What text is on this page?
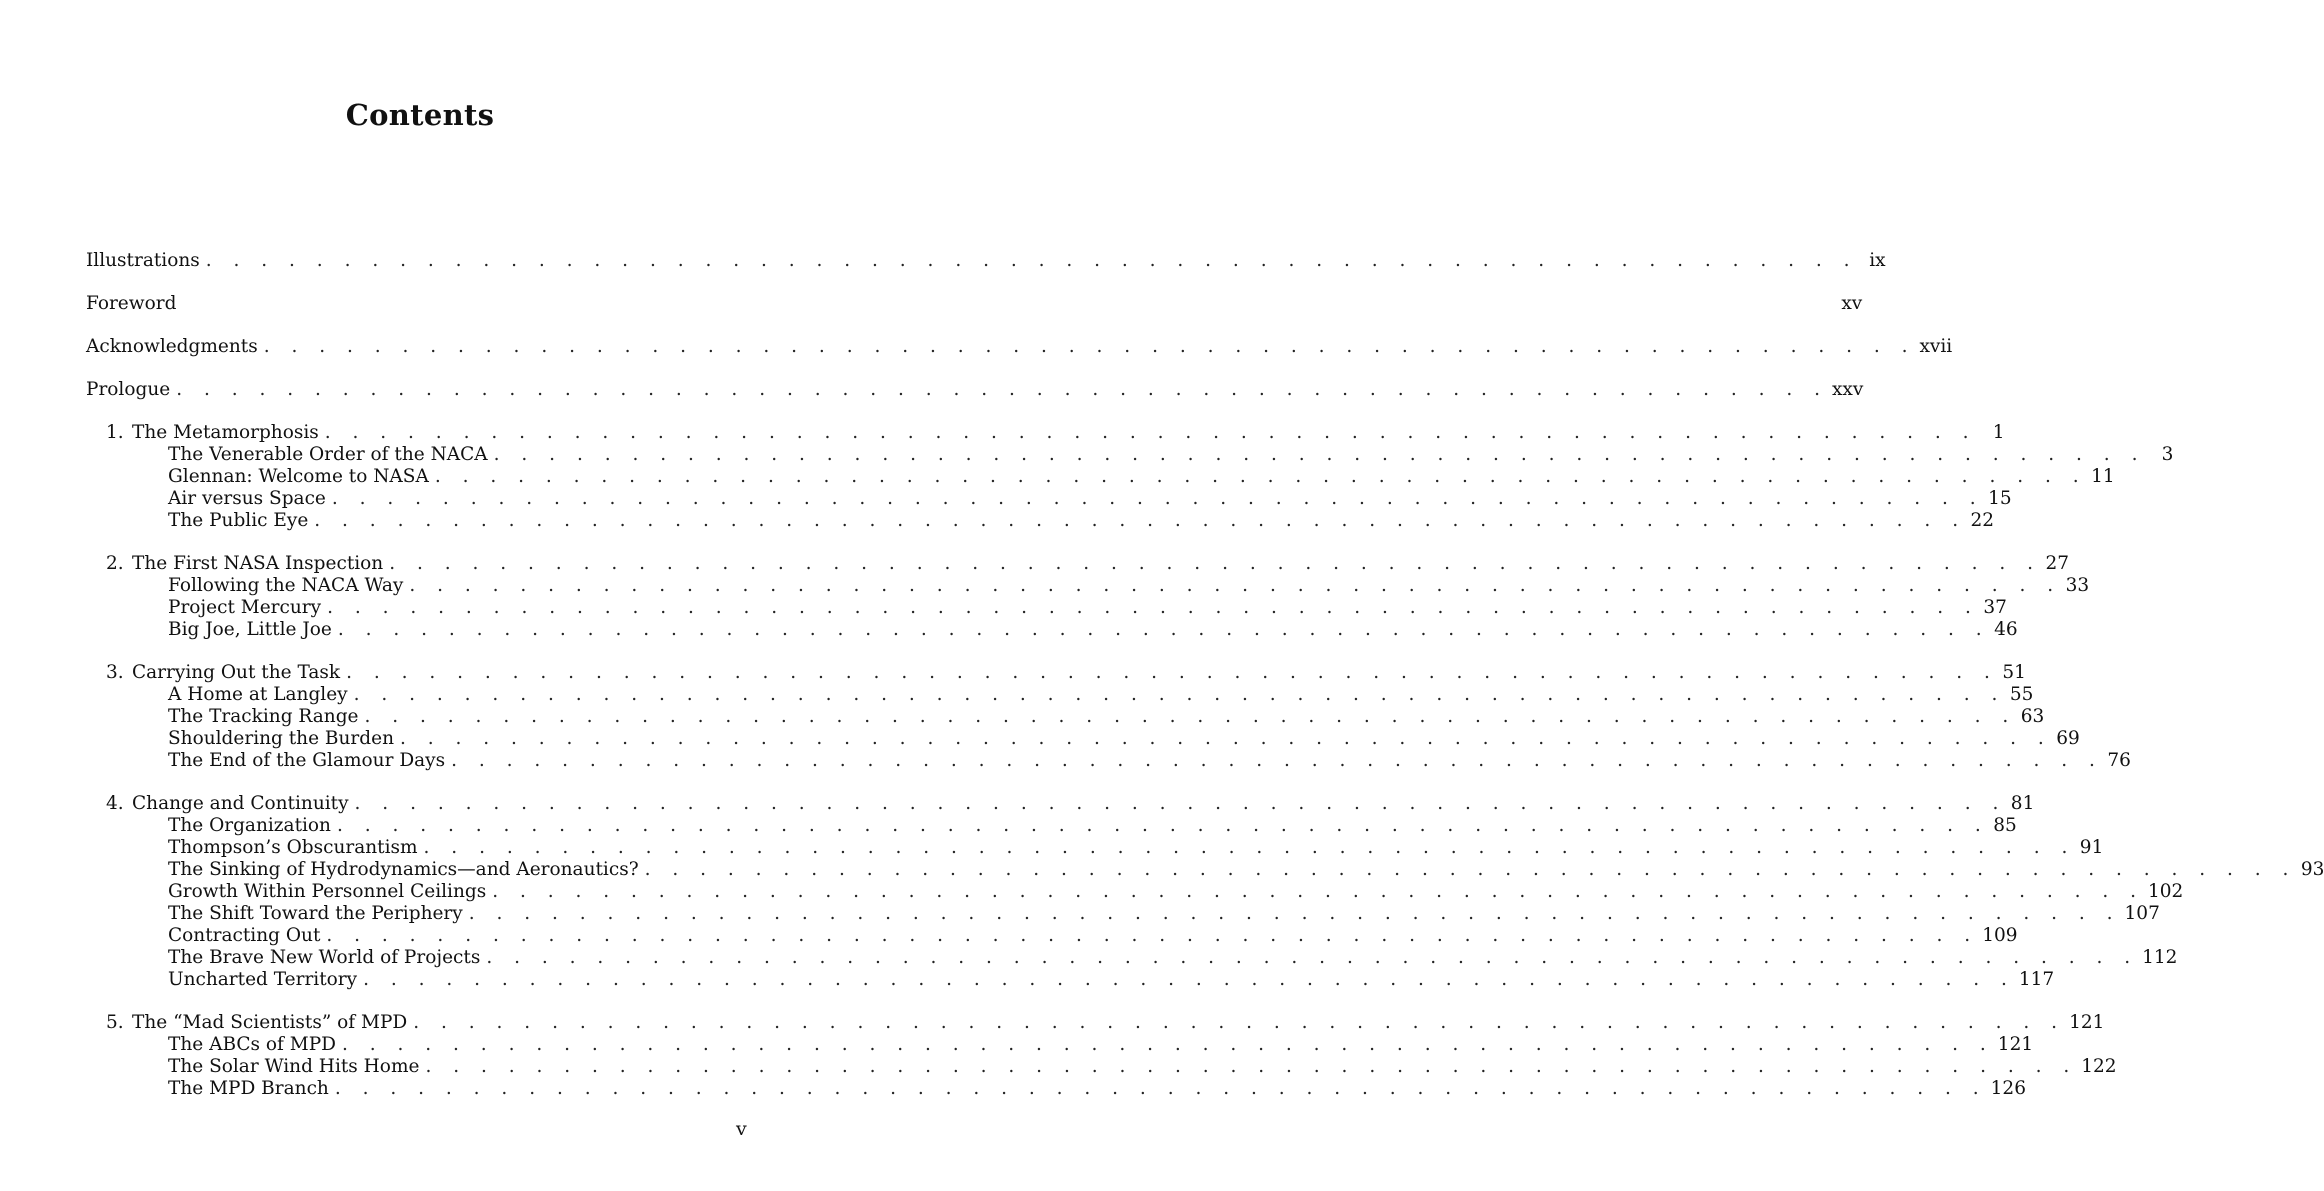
Contents
Illustrations . . . . . . . . . . . . . . . . . . . . . . . . . . . . . . . . . . . . . . . . . . . . . . . . . . . . . . . . . . . . ix
Foreword	xv
Acknowledgments . . . . . . . . . . . . . . . . . . . . . . . . . . . . . . . . . . . . . . . . . . . . . . . . . . . . . . . . . . . . xvii
Prologue . . . . . . . . . . . . . . . . . . . . . . . . . . . . . . . . . . . . . . . . . . . . . . . . . . . . . . . . . . . . xxv
1. The Metamorphosis . . . . . . . . . . . . . . . . . . . . . . . . . . . . . . . . . . . . . . . . . . . . . . . . . . . . . . . . . . . . 1
The Venerable Order of the NACA . . . . . . . . . . . . . . . . . . . . . . . . . . . . . . . . . . . . . . . . . . . . . . . . . . . . . . . . . . . . 3
Glennan: Welcome to NASA . . . . . . . . . . . . . . . . . . . . . . . . . . . . . . . . . . . . . . . . . . . . . . . . . . . . . . . . . . . . 11
Air versus Space . . . . . . . . . . . . . . . . . . . . . . . . . . . . . . . . . . . . . . . . . . . . . . . . . . . . . . . . . . . . 15
The Public Eye . . . . . . . . . . . . . . . . . . . . . . . . . . . . . . . . . . . . . . . . . . . . . . . . . . . . . . . . . . . . 22
2. The First NASA Inspection . . . . . . . . . . . . . . . . . . . . . . . . . . . . . . . . . . . . . . . . . . . . . . . . . . . . . . . . . . . . 27
Following the NACA Way . . . . . . . . . . . . . . . . . . . . . . . . . . . . . . . . . . . . . . . . . . . . . . . . . . . . . . . . . . . . 33
Project Mercury . . . . . . . . . . . . . . . . . . . . . . . . . . . . . . . . . . . . . . . . . . . . . . . . . . . . . . . . . . . . 37
Big Joe, Little Joe . . . . . . . . . . . . . . . . . . . . . . . . . . . . . . . . . . . . . . . . . . . . . . . . . . . . . . . . . . . . 46
3. Carrying Out the Task . . . . . . . . . . . . . . . . . . . . . . . . . . . . . . . . . . . . . . . . . . . . . . . . . . . . . . . . . . . . 51
A Home at Langley . . . . . . . . . . . . . . . . . . . . . . . . . . . . . . . . . . . . . . . . . . . . . . . . . . . . . . . . . . . . 55
The Tracking Range . . . . . . . . . . . . . . . . . . . . . . . . . . . . . . . . . . . . . . . . . . . . . . . . . . . . . . . . . . . . 63
Shouldering the Burden . . . . . . . . . . . . . . . . . . . . . . . . . . . . . . . . . . . . . . . . . . . . . . . . . . . . . . . . . . . . 69
The End of the Glamour Days . . . . . . . . . . . . . . . . . . . . . . . . . . . . . . . . . . . . . . . . . . . . . . . . . . . . . . . . . . . . 76
4. Change and Continuity . . . . . . . . . . . . . . . . . . . . . . . . . . . . . . . . . . . . . . . . . . . . . . . . . . . . . . . . . . . . 81
The Organization . . . . . . . . . . . . . . . . . . . . . . . . . . . . . . . . . . . . . . . . . . . . . . . . . . . . . . . . . . . . 85
Thompson’s Obscurantism . . . . . . . . . . . . . . . . . . . . . . . . . . . . . . . . . . . . . . . . . . . . . . . . . . . . . . . . . . . . 91
The Sinking of Hydrodynamics—and Aeronautics? . . . . . . . . . . . . . . . . . . . . . . . . . . . . . . . . . . . . . . . . . . . . . . . . . . . . . . . . . . . . 93
Growth Within Personnel Ceilings . . . . . . . . . . . . . . . . . . . . . . . . . . . . . . . . . . . . . . . . . . . . . . . . . . . . . . . . . . . . 102
The Shift Toward the Periphery . . . . . . . . . . . . . . . . . . . . . . . . . . . . . . . . . . . . . . . . . . . . . . . . . . . . . . . . . . . . 107
Contracting Out . . . . . . . . . . . . . . . . . . . . . . . . . . . . . . . . . . . . . . . . . . . . . . . . . . . . . . . . . . . . 109
The Brave New World of Projects . . . . . . . . . . . . . . . . . . . . . . . . . . . . . . . . . . . . . . . . . . . . . . . . . . . . . . . . . . . . 112
Uncharted Territory . . . . . . . . . . . . . . . . . . . . . . . . . . . . . . . . . . . . . . . . . . . . . . . . . . . . . . . . . . . . 117
5. The “Mad Scientists” of MPD . . . . . . . . . . . . . . . . . . . . . . . . . . . . . . . . . . . . . . . . . . . . . . . . . . . . . . . . . . . . 121
The ABCs of MPD . . . . . . . . . . . . . . . . . . . . . . . . . . . . . . . . . . . . . . . . . . . . . . . . . . . . . . . . . . . . 121
The Solar Wind Hits Home . . . . . . . . . . . . . . . . . . . . . . . . . . . . . . . . . . . . . . . . . . . . . . . . . . . . . . . . . . . . 122
The MPD Branch . . . . . . . . . . . . . . . . . . . . . . . . . . . . . . . . . . . . . . . . . . . . . . . . . . . . . . . . . . . . 126
v
